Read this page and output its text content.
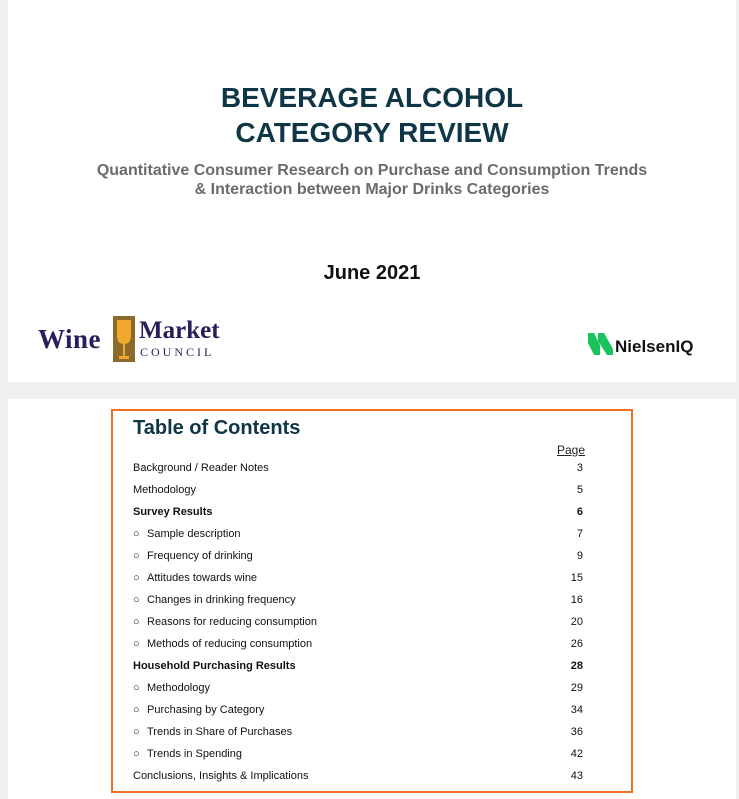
BEVERAGE ALCOHOL
CATEGORY REVIEW
Quantitative Consumer Research on Purchase and Consumption Trends
& Interaction between Major Drinks Categories
June 2021
Wine Market
COUNCIL	NielsenIQ
Table of Contents
Page
Background / Reader Notes	3
Methodology	5
Survey Results	6
○ Sample description	7
○ Frequency of drinking	9
○ Attitudes towards wine	15
○ Changes in drinking frequency	16
○ Reasons for reducing consumption	20
○ Methods of reducing consumption	26
Household Purchasing Results	28
○ Methodology	29
○ Purchasing by Category	34
○ Trends in Share of Purchases	36
○ Trends in Spending	42
Conclusions, Insights & Implications	43
